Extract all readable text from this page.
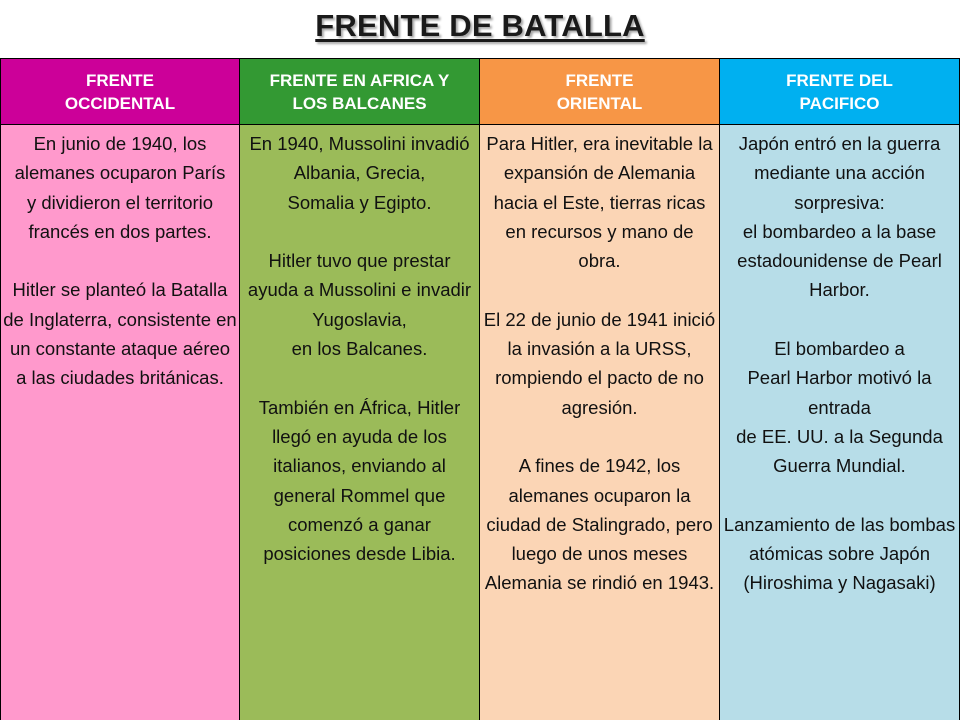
FRENTE DE BATALLA
FRENTE
OCCIDENTAL
FRENTE EN AFRICA Y
LOS BALCANES
FRENTE
ORIENTAL
FRENTE DEL
PACIFICO
En junio de 1940, los alemanes ocuparon París
y dividieron el territorio francés en dos partes.

Hitler se planteó la Batalla de Inglaterra, consistente en un constante ataque aéreo a las ciudades británicas.
En 1940, Mussolini invadió Albania, Grecia,
Somalia y Egipto.

Hitler tuvo que prestar ayuda a Mussolini e invadir Yugoslavia,
en los Balcanes.

También en África, Hitler llegó en ayuda de los italianos, enviando al general Rommel que comenzó a ganar posiciones desde Libia.
Para Hitler, era inevitable la expansión de Alemania hacia el Este, tierras ricas en recursos y mano de obra.

El 22 de junio de 1941 inició la invasión a la URSS, rompiendo el pacto de no agresión.

A fines de 1942, los alemanes ocuparon la ciudad de Stalingrado, pero luego de unos meses Alemania se rindió en 1943.
Japón entró en la guerra mediante una acción sorpresiva:
el bombardeo a la base estadounidense de Pearl Harbor.

El bombardeo a
Pearl Harbor motivó la entrada
de EE. UU. a la Segunda Guerra Mundial.

Lanzamiento de las bombas atómicas sobre Japón
(Hiroshima y Nagasaki)
